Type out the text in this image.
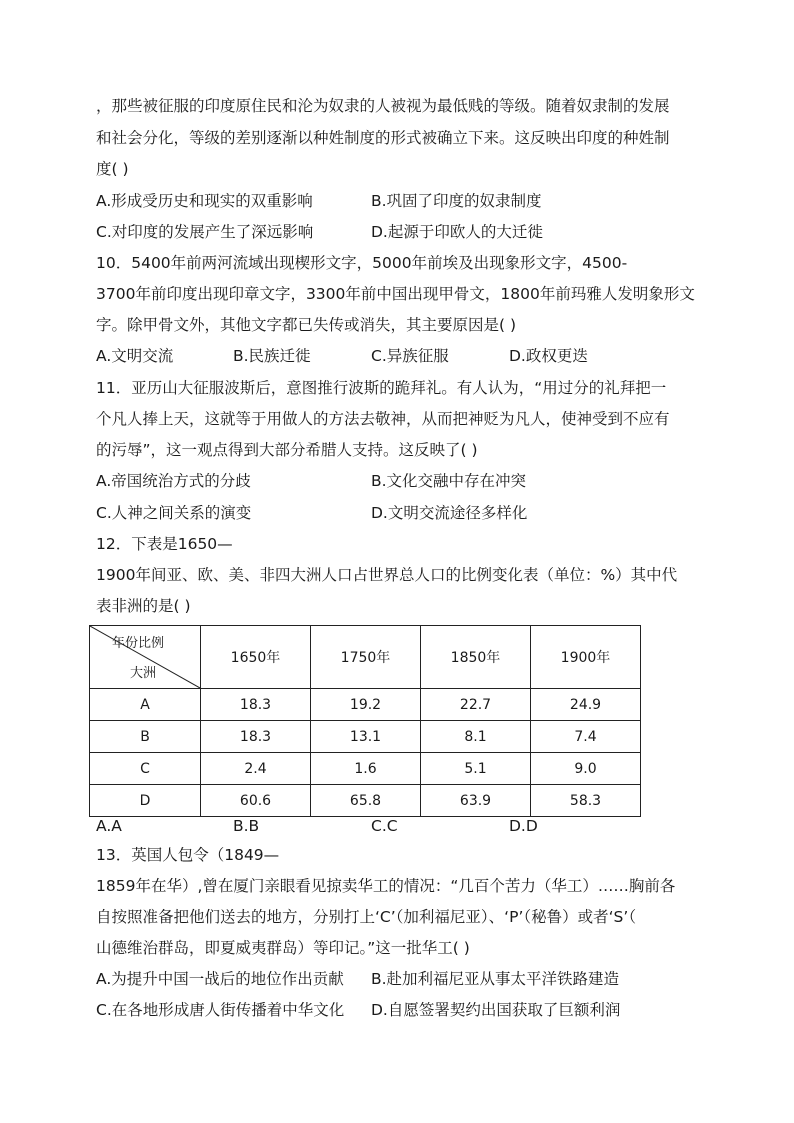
，那些被征服的印度原住民和沦为奴隶的人被视为最低贱的等级。随着奴隶制的发展
和社会分化，等级的差别逐渐以种姓制度的形式被确立下来。这反映出印度的种姓制
度( )
A.形成受历史和现实的双重影响	B.巩固了印度的奴隶制度
C.对印度的发展产生了深远影响	D.起源于印欧人的大迁徙
10．5400年前两河流域出现楔形文字，5000年前埃及出现象形文字，4500-
3700年前印度出现印章文字，3300年前中国出现甲骨文，1800年前玛雅人发明象形文
字。除甲骨文外，其他文字都已失传或消失，其主要原因是( )
A.文明交流	B.民族迁徙	C.异族征服	D.政权更迭
11．亚历山大征服波斯后，意图推行波斯的跪拜礼。有人认为，“用过分的礼拜把一
个凡人捧上天，这就等于用做人的方法去敬神，从而把神贬为凡人，使神受到不应有
的污辱”，这一观点得到大部分希腊人支持。这反映了( )
A.帝国统治方式的分歧	B.文化交融中存在冲突
C.人神之间关系的演变	D.文明交流途径多样化
12．下表是1650—
1900年间亚、欧、美、非四大洲人口占世界总人口的比例变化表（单位：%）其中代
表非洲的是( )
年份比例
大洲	1650年	1750年	1850年	1900年
A	18.3	19.2	22.7	24.9
B	18.3	13.1	8.1	7.4
C	2.4	1.6	5.1	9.0
D	60.6	65.8	63.9	58.3
A.A	B.B	C.C	D.D
13．英国人包令（1849—
1859年在华）,曾在厦门亲眼看见掠卖华工的情况：“几百个苦力（华工）……胸前各
自按照准备把他们送去的地方，分别打上‘C’（加利福尼亚）、‘P’（秘鲁）或者‘S’（
山德维治群岛，即夏威夷群岛）等印记。”这一批华工( )
A.为提升中国一战后的地位作出贡献 B.赴加利福尼亚从事太平洋铁路建造
C.在各地形成唐人街传播着中华文化 D.自愿签署契约出国获取了巨额利润
